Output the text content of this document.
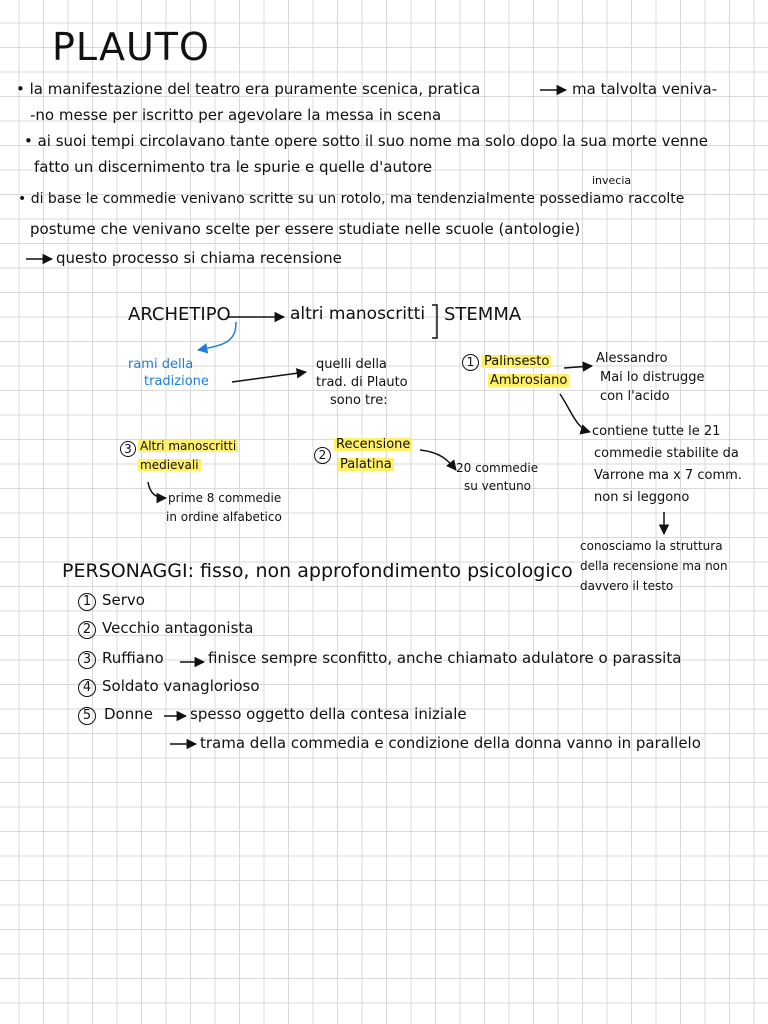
PLAUTO
• la manifestazione del teatro era puramente scenica, pratica	ma talvolta veniva-
-no messe per iscritto per agevolare la messa in scena
• ai suoi tempi circolavano tante opere sotto il suo nome ma solo dopo la sua morte venne
fatto un discernimento tra le spurie e quelle d'autore
invecia
• di base le commedie venivano scritte su un rotolo, ma tendenzialmente possediamo raccolte
postume che venivano scelte per essere studiate nelle scuole (antologie)
questo processo si chiama recensione
ARCHETIPO	altri manoscritti STEMMA
rami della
tradizione
quelli della
trad. di Plauto
sono tre:
1 Palinsesto
Ambrosiano
Alessandro
Mai lo distrugge
con l'acido
contiene tutte le 21
commedie stabilite da
Varrone ma x 7 comm.
non si leggono
conosciamo la struttura
della recensione ma non
davvero il testo
2
Recensione
Palatina	20 commedie
su ventuno
3 Altri manoscritti
medievali
prime 8 commedie
in ordine alfabetico
PERSONAGGI: fisso, non approfondimento psicologico
1 Servo
2 Vecchio antagonista
3 Ruffiano	finisce sempre sconfitto, anche chiamato adulatore o parassita
4 Soldato vanaglorioso
5 Donne spesso oggetto della contesa iniziale
trama della commedia e condizione della donna vanno in parallelo
